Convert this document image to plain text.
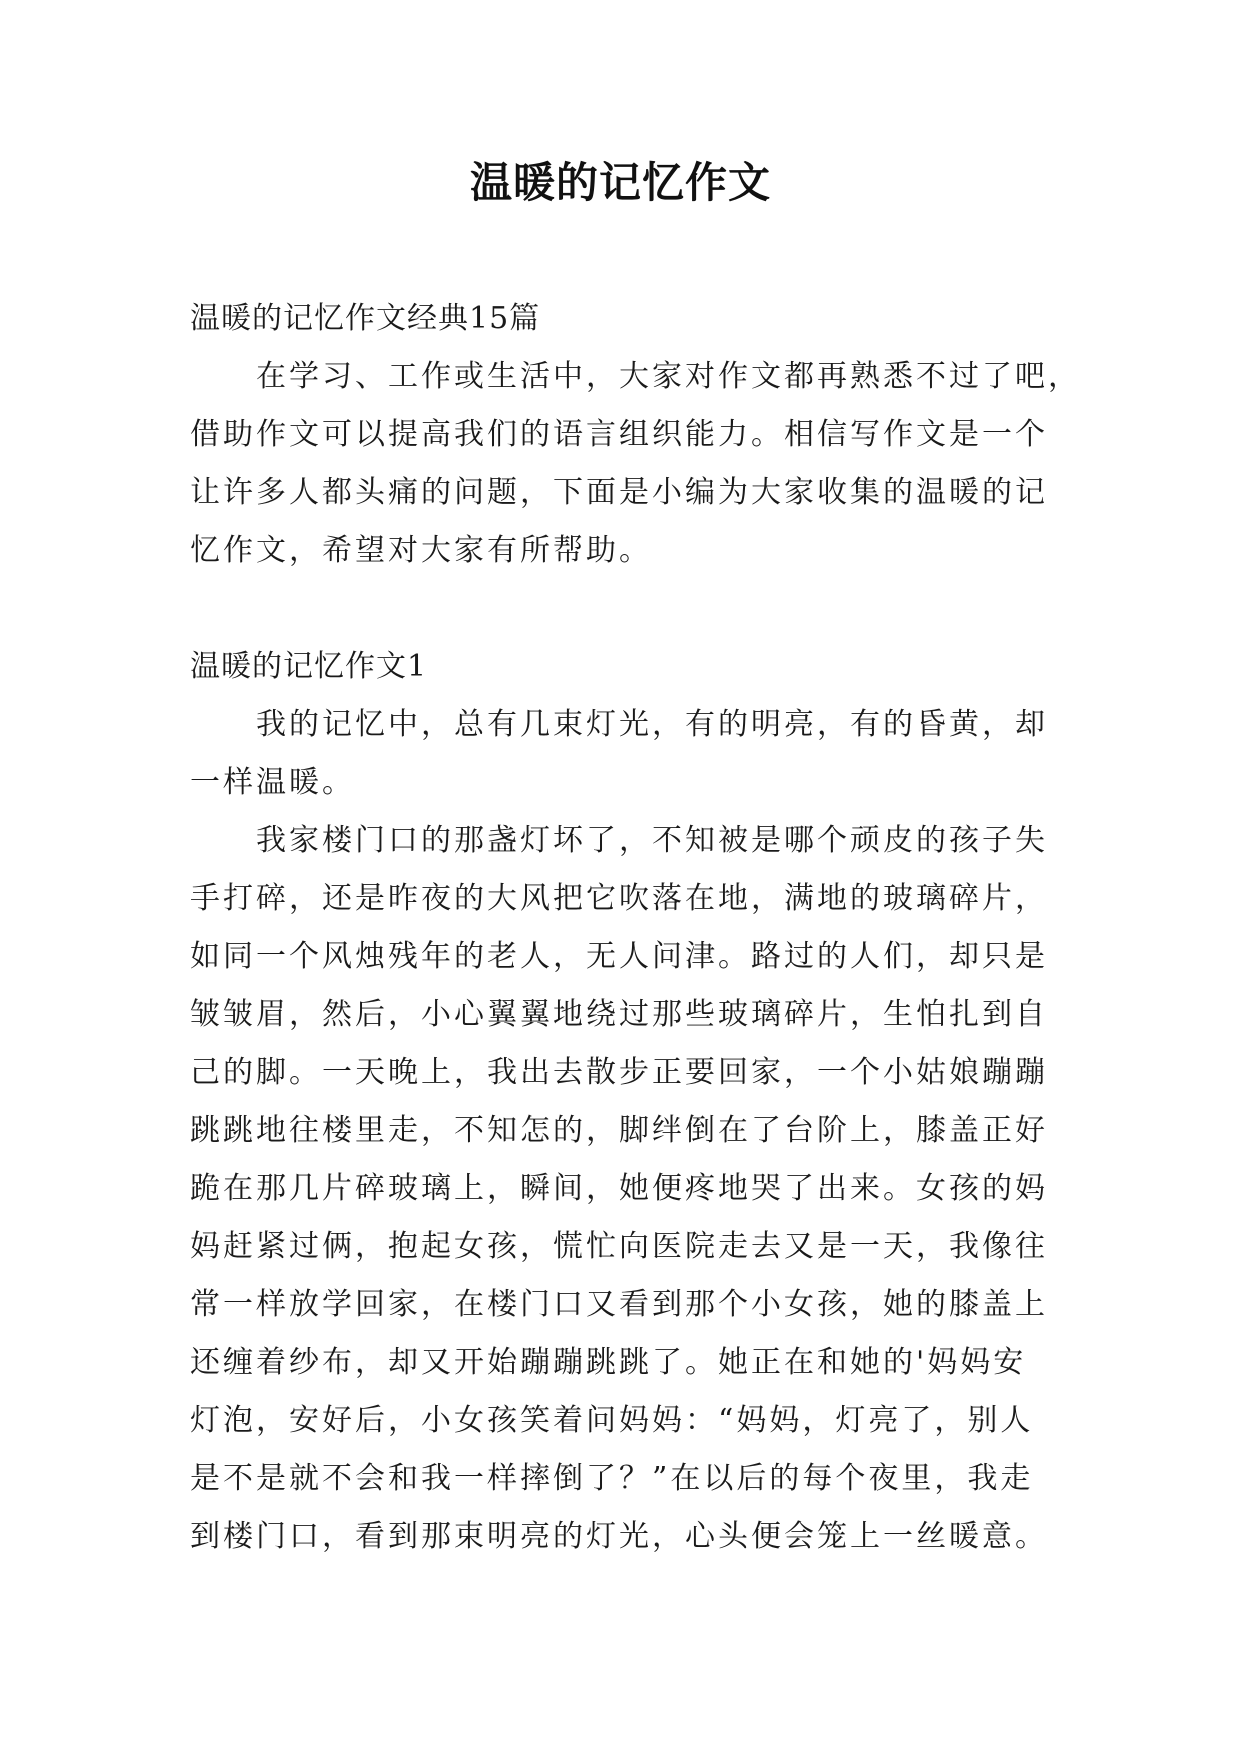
温暖的记忆作文

温暖的记忆作文经典15篇

在学习、工作或生活中，大家对作文都再熟悉不过了吧，

借助作文可以提高我们的语言组织能力。相信写作文是一个

让许多人都头痛的问题，下面是小编为大家收集的温暖的记

忆作文，希望对大家有所帮助。

温暖的记忆作文1

我的记忆中，总有几束灯光，有的明亮，有的昏黄，却

一样温暖。

我家楼门口的那盏灯坏了，不知被是哪个顽皮的孩子失

手打碎，还是昨夜的大风把它吹落在地，满地的玻璃碎片，

如同一个风烛残年的老人，无人问津。路过的人们，却只是

皱皱眉，然后，小心翼翼地绕过那些玻璃碎片，生怕扎到自

己的脚。一天晚上，我出去散步正要回家，一个小姑娘蹦蹦

跳跳地往楼里走，不知怎的，脚绊倒在了台阶上，膝盖正好

跪在那几片碎玻璃上，瞬间，她便疼地哭了出来。女孩的妈

妈赶紧过俩，抱起女孩，慌忙向医院走去又是一天，我像往

常一样放学回家，在楼门口又看到那个小女孩，她的膝盖上

还缠着纱布，却又开始蹦蹦跳跳了。她正在和她的'妈妈安

灯泡，安好后，小女孩笑着问妈妈：“妈妈，灯亮了，别人

是不是就不会和我一样摔倒了？”在以后的每个夜里，我走

到楼门口，看到那束明亮的灯光，心头便会笼上一丝暖意。
